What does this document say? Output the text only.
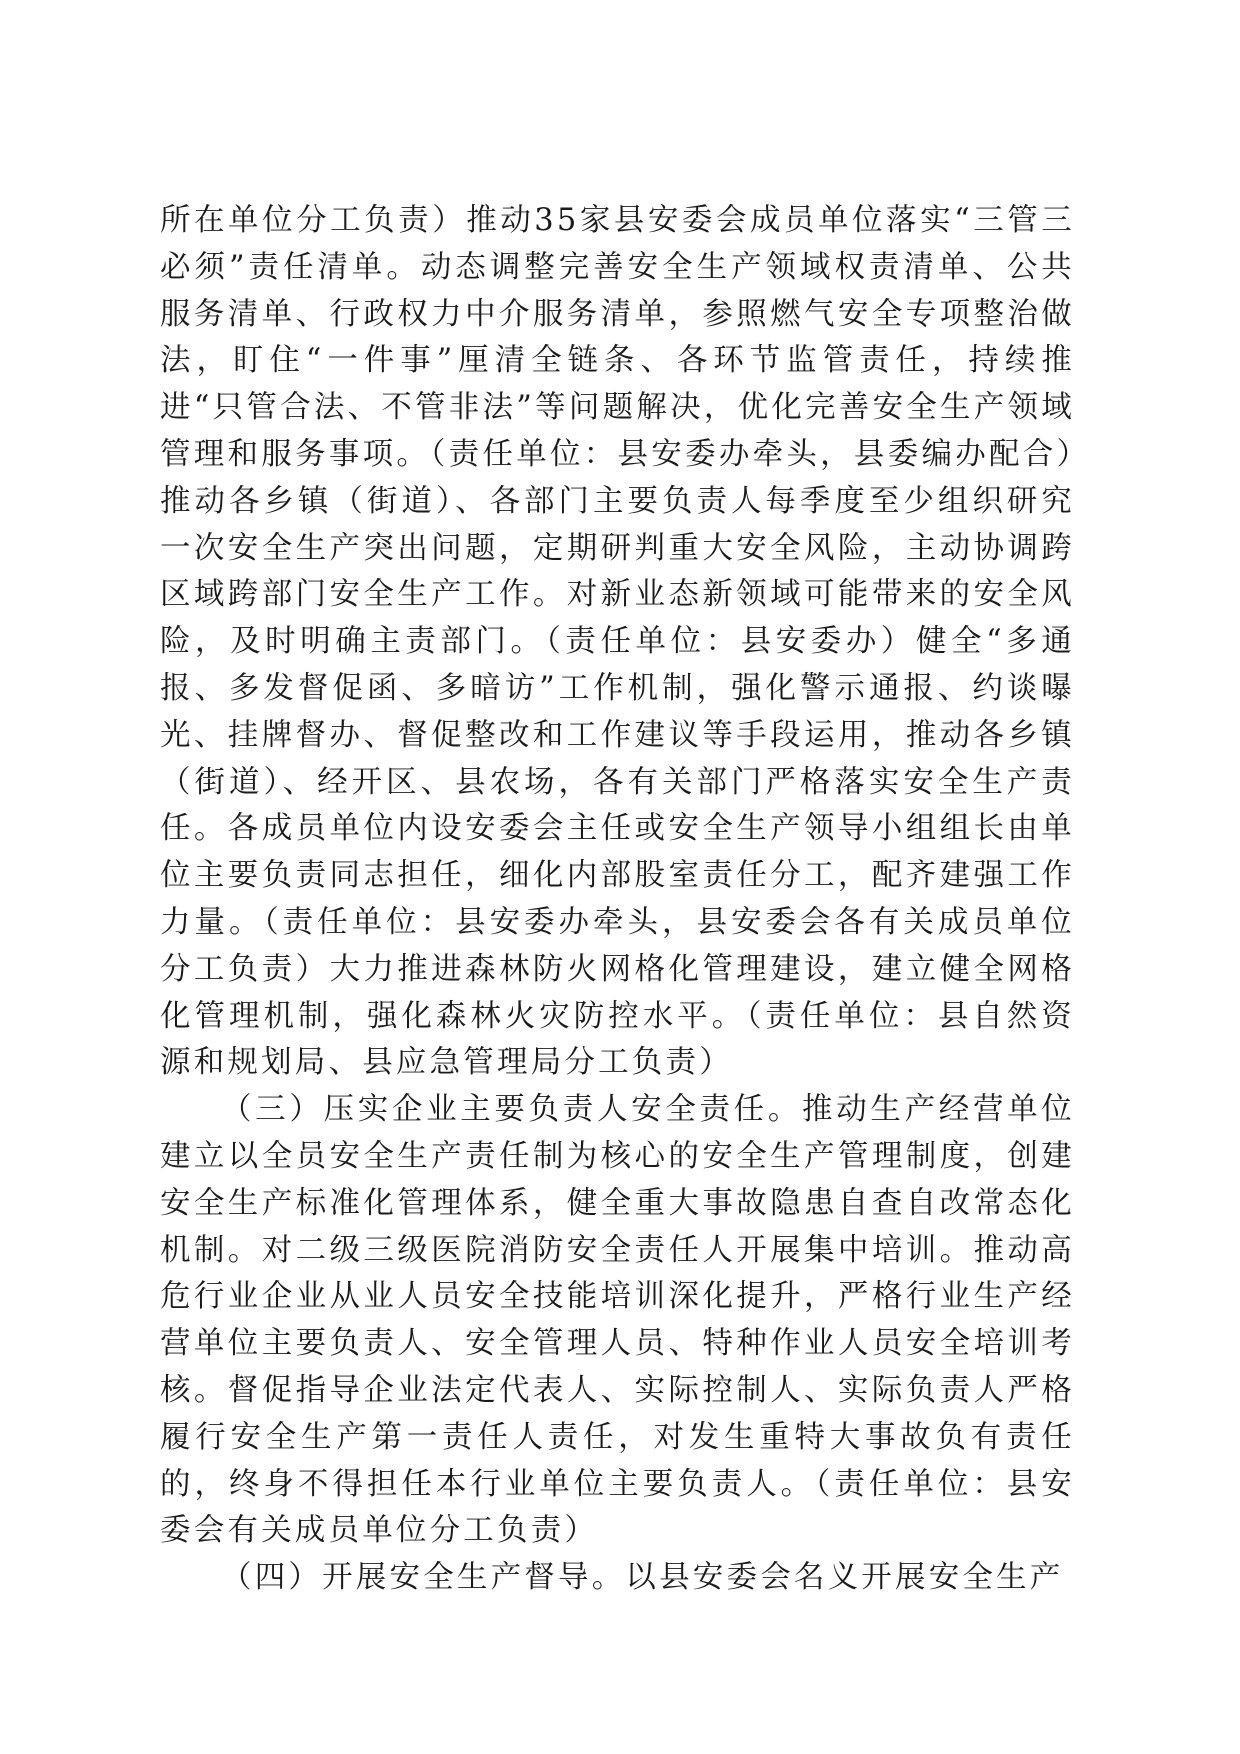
所在单位分工负责）推动35家县安委会成员单位落实“三管三必须”责任清单。动态调整完善安全生产领域权责清单、公共服务清单、行政权力中介服务清单，参照燃气安全专项整治做法，盯住“一件事”厘清全链条、各环节监管责任，持续推进“只管合法、不管非法”等问题解决，优化完善安全生产领域管理和服务事项。（责任单位：县安委办牵头，县委编办配合）推动各乡镇（街道）、各部门主要负责人每季度至少组织研究一次安全生产突出问题，定期研判重大安全风险，主动协调跨区域跨部门安全生产工作。对新业态新领域可能带来的安全风险，及时明确主责部门。（责任单位：县安委办）健全“多通报、多发督促函、多暗访”工作机制，强化警示通报、约谈曝光、挂牌督办、督促整改和工作建议等手段运用，推动各乡镇（街道）、经开区、县农场，各有关部门严格落实安全生产责任。各成员单位内设安委会主任或安全生产领导小组组长由单位主要负责同志担任，细化内部股室责任分工，配齐建强工作力量。（责任单位：县安委办牵头，县安委会各有关成员单位分工负责）大力推进森林防火网格化管理建设，建立健全网格化管理机制，强化森林火灾防控水平。（责任单位：县自然资源和规划局、县应急管理局分工负责）

（三）压实企业主要负责人安全责任。推动生产经营单位建立以全员安全生产责任制为核心的安全生产管理制度，创建安全生产标准化管理体系，健全重大事故隐患自查自改常态化机制。对二级三级医院消防安全责任人开展集中培训。推动高危行业企业从业人员安全技能培训深化提升，严格行业生产经营单位主要负责人、安全管理人员、特种作业人员安全培训考核。督促指导企业法定代表人、实际控制人、实际负责人严格履行安全生产第一责任人责任，对发生重特大事故负有责任的，终身不得担任本行业单位主要负责人。（责任单位：县安委会有关成员单位分工负责）

（四）开展安全生产督导。以县安委会名义开展安全生产
